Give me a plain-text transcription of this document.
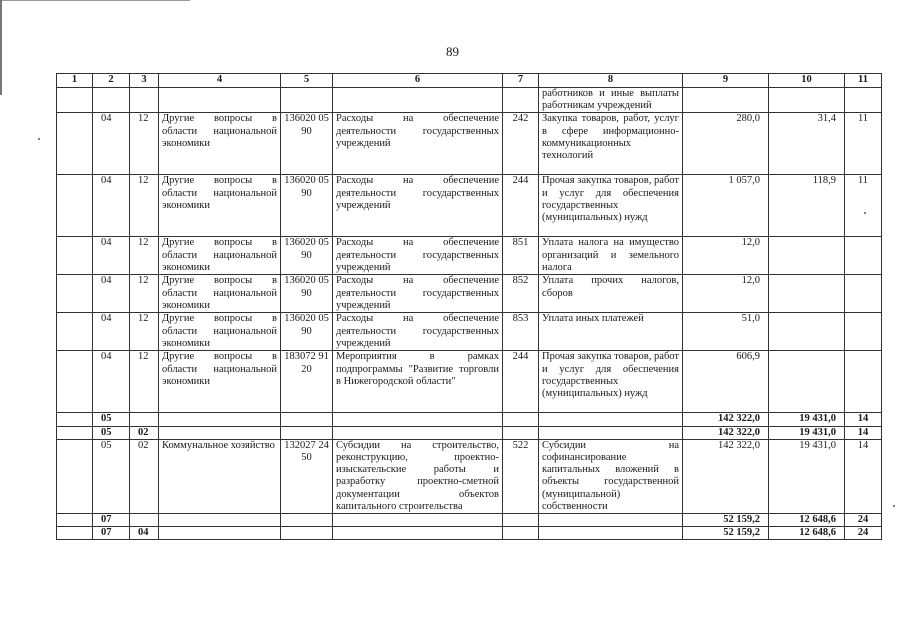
89
1	2	3	4	5	6	7	8	9	10	11
							работников и иные выплаты работникам учреждений			
	04	12	Другие вопросы в области национальной экономики	136020 0590	Расходы на обеспечение деятельности государственных учреждений	242	Закупка товаров, работ, услуг в сфере информационно-коммуникационных технологий	280,0	31,4	11
	04	12	Другие вопросы в области национальной экономики	136020 0590	Расходы на обеспечение деятельности государственных учреждений	244	Прочая закупка товаров, работ и услуг для обеспечения государственных (муниципальных) нужд	1 057,0	118,9	11
	04	12	Другие вопросы в области национальной экономики	136020 0590	Расходы на обеспечение деятельности государственных учреждений	851	Уплата налога на имущество организаций и земельного налога	12,0		
	04	12	Другие вопросы в области национальной экономики	136020 0590	Расходы на обеспечение деятельности государственных учреждений	852	Уплата прочих налогов, сборов	12,0		
	04	12	Другие вопросы в области национальной экономики	136020 0590	Расходы на обеспечение деятельности государственных учреждений	853	Уплата иных платежей	51,0		
	04	12	Другие вопросы в области национальной экономики	183072 9120	Мероприятия в рамках подпрограммы "Развитие торговли в Нижегородской области"	244	Прочая закупка товаров, работ и услуг для обеспечения государственных (муниципальных) нужд	606,9		
	05							142 322,0	19 431,0	14
	05	02						142 322,0	19 431,0	14
	05	02	Коммунальное хозяйство	132027 2450	Субсидии на строительство, реконструкцию, проектно-изыскательские работы и разработку проектно-сметной документации объектов капитального строительства	522	Субсидии на софинансирование капитальных вложений в объекты государственной (муниципальной) собственности	142 322,0	19 431,0	14
	07							52 159,2	12 648,6	24
	07	04						52 159,2	12 648,6	24
